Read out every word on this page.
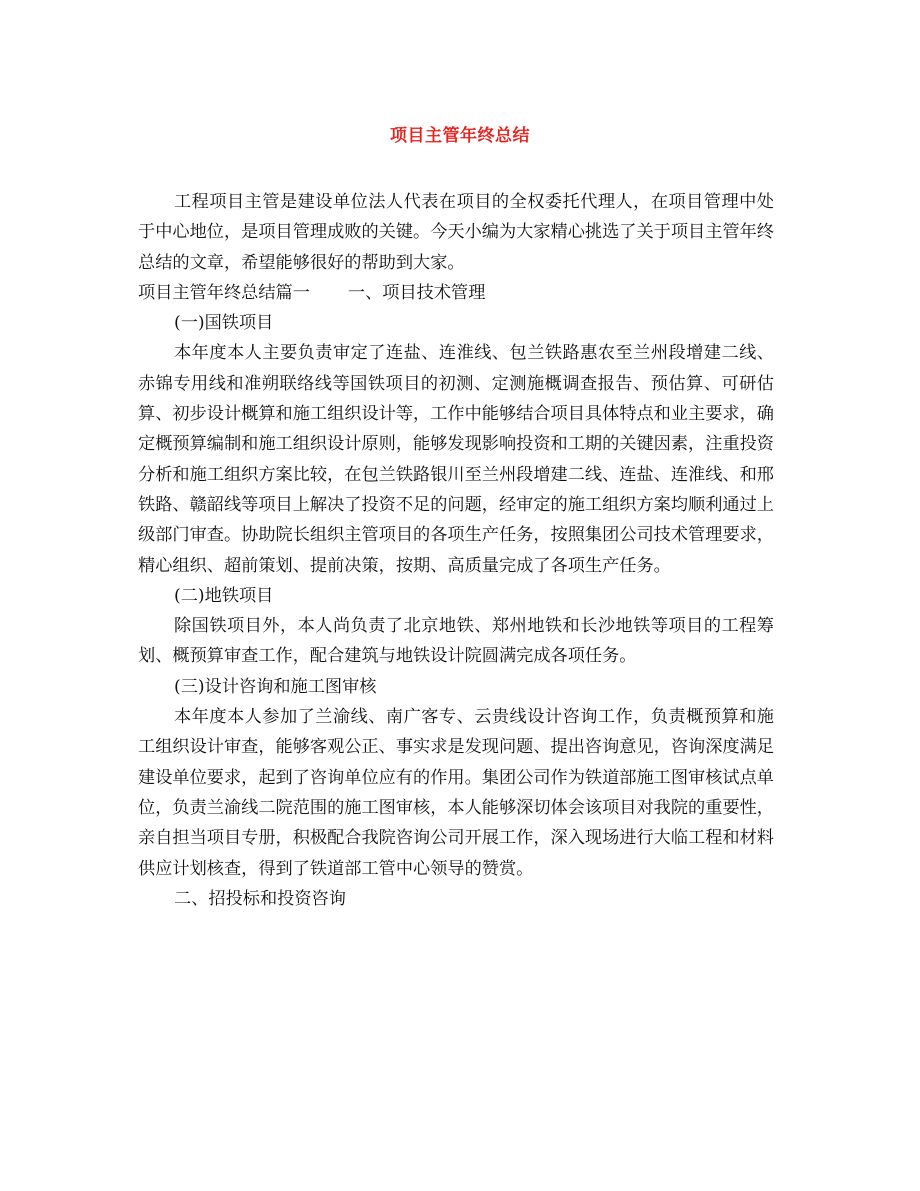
项目主管年终总结

工程项目主管是建设单位法人代表在项目的全权委托代理人，在项目管理中处于中心地位，是项目管理成败的关键。今天小编为大家精心挑选了关于项目主管年终总结的文章，希望能够很好的帮助到大家。

项目主管年终总结篇一 一、项目技术管理

(一)国铁项目

本年度本人主要负责审定了连盐、连淮线、包兰铁路惠农至兰州段增建二线、赤锦专用线和准朔联络线等国铁项目的初测、定测施概调查报告、预估算、可研估算、初步设计概算和施工组织设计等，工作中能够结合项目具体特点和业主要求，确定概预算编制和施工组织设计原则，能够发现影响投资和工期的关键因素，注重投资分析和施工组织方案比较，在包兰铁路银川至兰州段增建二线、连盐、连淮线、和邢铁路、赣韶线等项目上解决了投资不足的问题，经审定的施工组织方案均顺利通过上级部门审查。协助院长组织主管项目的各项生产任务，按照集团公司技术管理要求，精心组织、超前策划、提前决策，按期、高质量完成了各项生产任务。

(二)地铁项目

除国铁项目外，本人尚负责了北京地铁、郑州地铁和长沙地铁等项目的工程筹划、概预算审查工作，配合建筑与地铁设计院圆满完成各项任务。

(三)设计咨询和施工图审核

本年度本人参加了兰渝线、南广客专、云贵线设计咨询工作，负责概预算和施工组织设计审查，能够客观公正、事实求是发现问题、提出咨询意见，咨询深度满足建设单位要求，起到了咨询单位应有的作用。集团公司作为铁道部施工图审核试点单位，负责兰渝线二院范围的施工图审核，本人能够深切体会该项目对我院的重要性，亲自担当项目专册，积极配合我院咨询公司开展工作，深入现场进行大临工程和材料供应计划核查，得到了铁道部工管中心领导的赞赏。

二、招投标和投资咨询
